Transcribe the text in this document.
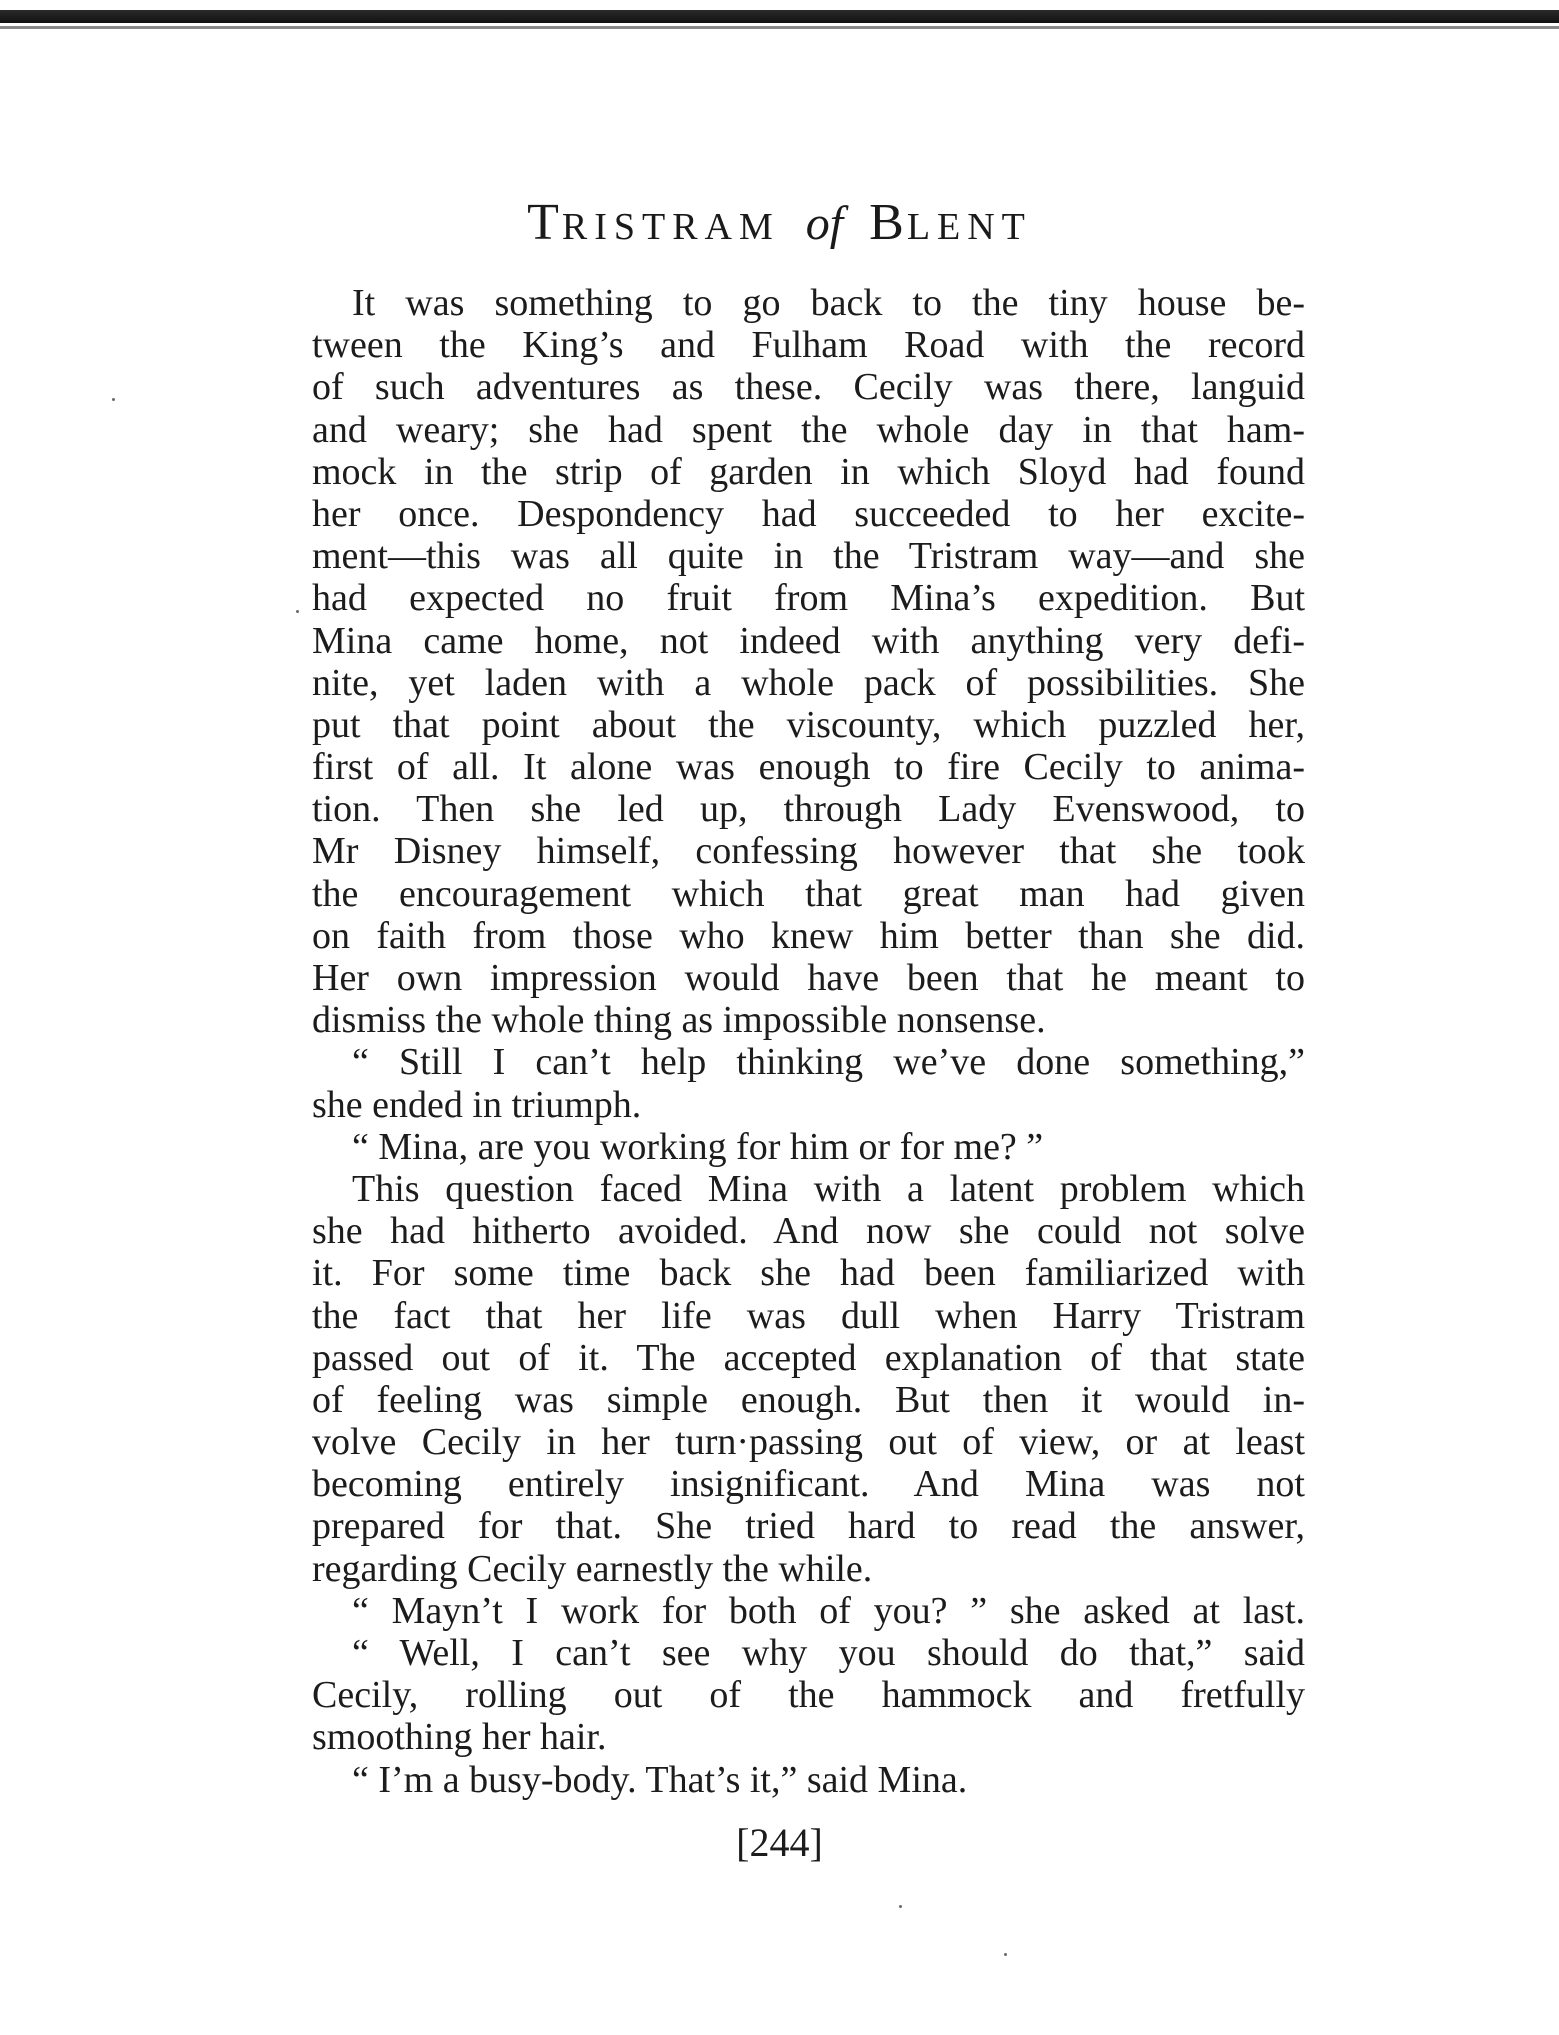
TRISTRAM of BLENT
It was something to go back to the tiny house be-
tween the King’s and Fulham Road with the record
of such adventures as these. Cecily was there, languid
and weary; she had spent the whole day in that ham-
mock in the strip of garden in which Sloyd had found
her once. Despondency had succeeded to her excite-
ment—this was all quite in the Tristram way—and she
had expected no fruit from Mina’s expedition. But
Mina came home, not indeed with anything very defi-
nite, yet laden with a whole pack of possibilities. She
put that point about the viscounty, which puzzled her,
first of all. It alone was enough to fire Cecily to anima-
tion. Then she led up, through Lady Evenswood, to
Mr Disney himself, confessing however that she took
the encouragement which that great man had given
on faith from those who knew him better than she did.
Her own impression would have been that he meant to
dismiss the whole thing as impossible nonsense.
“ Still I can’t help thinking we’ve done something,”
she ended in triumph.
“ Mina, are you working for him or for me? ”
This question faced Mina with a latent problem which
she had hitherto avoided. And now she could not solve
it. For some time back she had been familiarized with
the fact that her life was dull when Harry Tristram
passed out of it. The accepted explanation of that state
of feeling was simple enough. But then it would in-
volve Cecily in her turn·passing out of view, or at least
becoming entirely insignificant. And Mina was not
prepared for that. She tried hard to read the answer,
regarding Cecily earnestly the while.
“ Mayn’t I work for both of you? ” she asked at last.
“ Well, I can’t see why you should do that,” said
Cecily, rolling out of the hammock and fretfully
smoothing her hair.
“ I’m a busy-body. That’s it,” said Mina.
[244]
